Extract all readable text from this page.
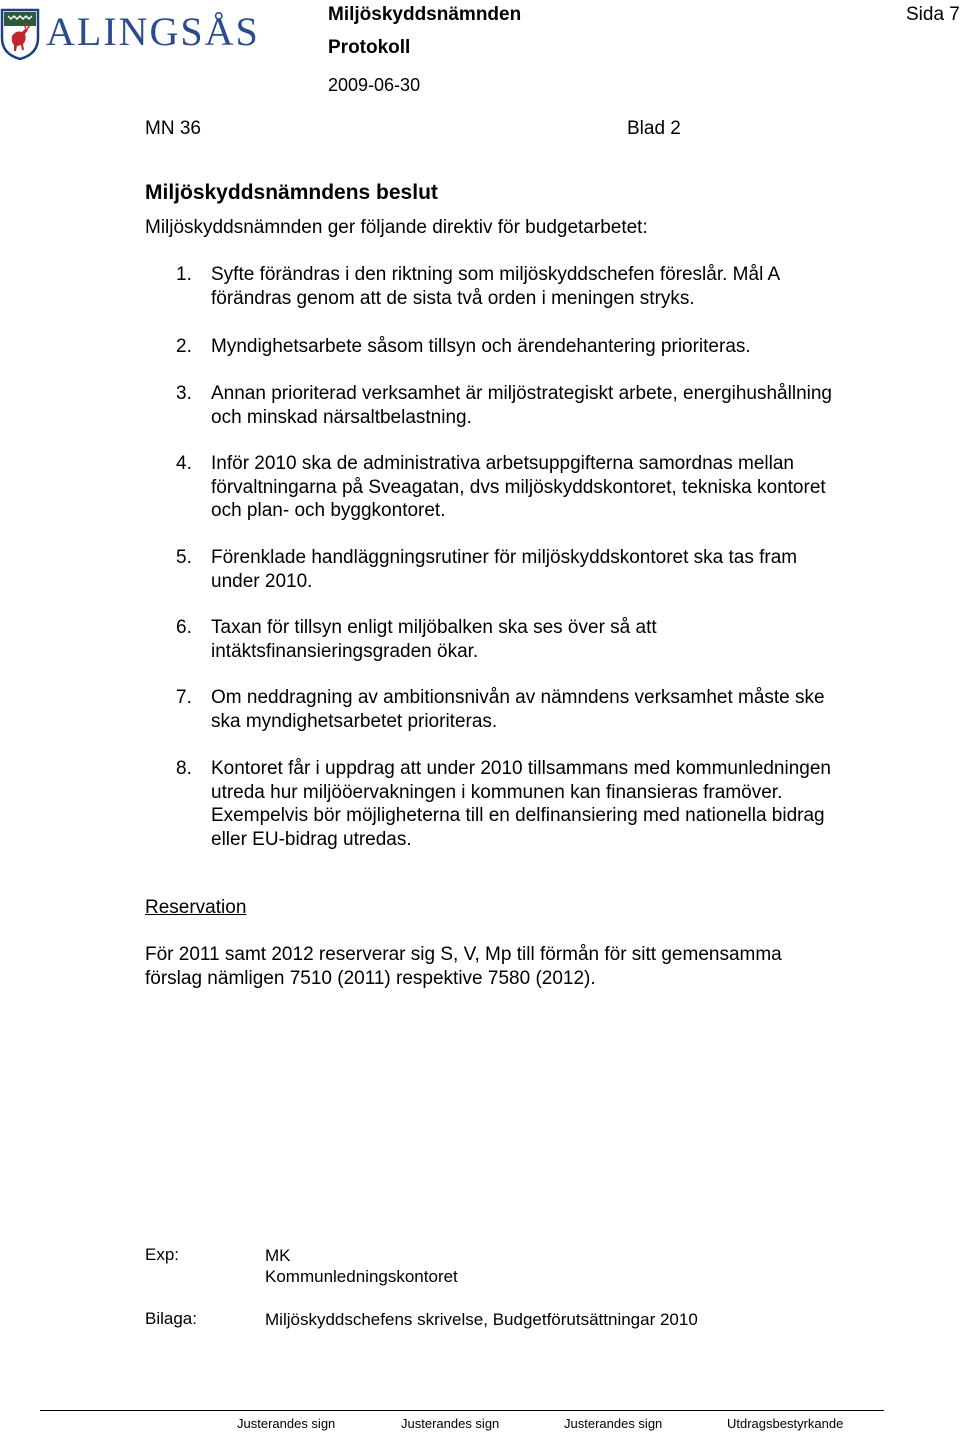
ALINGSÅS	Miljöskyddsnämnden
Protokoll
2009-06-30
Sida 7
MN 36	Blad 2
Miljöskyddsnämndens beslut
Miljöskyddsnämnden ger följande direktiv för budgetarbetet:
1. Syfte förändras i den riktning som miljöskyddschefen föreslår. Mål A
förändras genom att de sista två orden i meningen stryks.
2. Myndighetsarbete såsom tillsyn och ärendehantering prioriteras.
3. Annan prioriterad verksamhet är miljöstrategiskt arbete, energihushållning
och minskad närsaltbelastning.
4. Inför 2010 ska de administrativa arbetsuppgifterna samordnas mellan
förvaltningarna på Sveagatan, dvs miljöskyddskontoret, tekniska kontoret
och plan- och byggkontoret.
5. Förenklade handläggningsrutiner för miljöskyddskontoret ska tas fram
under 2010.
6. Taxan för tillsyn enligt miljöbalken ska ses över så att
intäktsfinansieringsgraden ökar.
7. Om neddragning av ambitionsnivån av nämndens verksamhet måste ske
ska myndighetsarbetet prioriteras.
8. Kontoret får i uppdrag att under 2010 tillsammans med kommunledningen
utreda hur miljööervakningen i kommunen kan finansieras framöver.
Exempelvis bör möjligheterna till en delfinansiering med nationella bidrag
eller EU-bidrag utredas.
Reservation
För 2011 samt 2012 reserverar sig S, V, Mp till förmån för sitt gemensamma
förslag nämligen 7510 (2011) respektive 7580 (2012).
Exp:	MK
Kommunledningskontoret
Bilaga:	Miljöskyddschefens skrivelse, Budgetförutsättningar 2010
Justerandes sign	Justerandes sign	Justerandes sign	Utdragsbestyrkande
